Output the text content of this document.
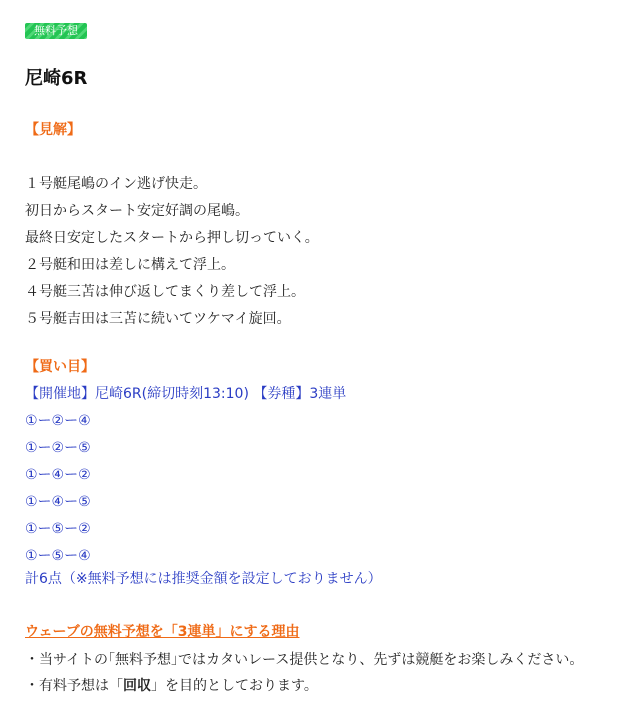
無料予想
尼崎6R
【見解】
１号艇尾嶋のイン逃げ快走。
初日からスタート安定好調の尾嶋。
最終日安定したスタートから押し切っていく。
２号艇和田は差しに構えて浮上。
４号艇三苫は伸び返してまくり差して浮上。
５号艇吉田は三苫に続いてツケマイ旋回。
【買い目】
【開催地】尼崎6R(締切時刻13:10) 【券種】3連単
①ー②ー④
①ー②ー⑤
①ー④ー②
①ー④ー⑤
①ー⑤ー②
①ー⑤ー④
計6点（※無料予想には推奨金額を設定しておりません）
ウェーブの無料予想を「3連単」にする理由
・当サイトの｢無料予想｣ではカタいレース提供となり、先ずは競艇をお楽しみください。
・有料予想は「回収」を目的としております。
